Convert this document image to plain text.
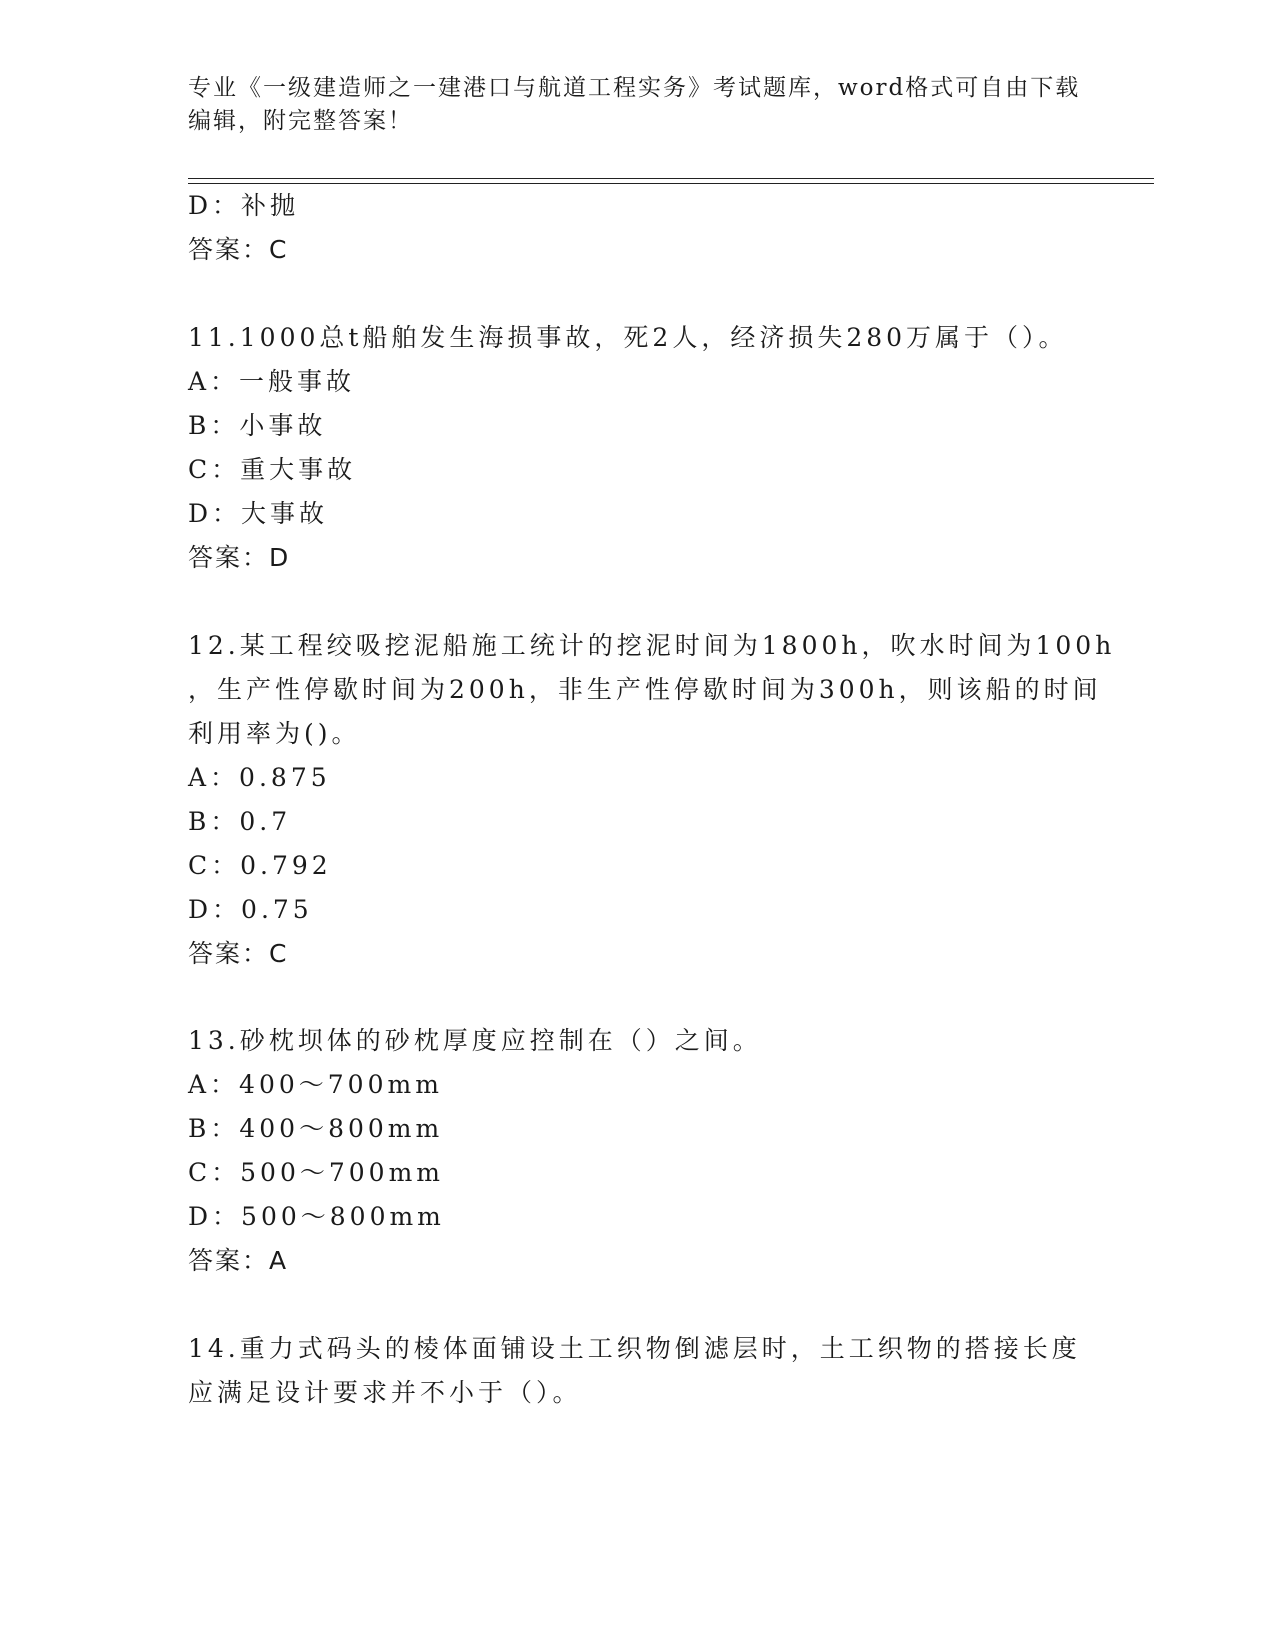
专业《一级建造师之一建港口与航道工程实务》考试题库，word格式可自由下载
编辑，附完整答案！
D：补抛
答案：C
11.1000总t船舶发生海损事故，死2人，经济损失280万属于（）。
A：一般事故
B：小事故
C：重大事故
D：大事故
答案：D
12.某工程绞吸挖泥船施工统计的挖泥时间为1800h，吹水时间为100h
，生产性停歇时间为200h，非生产性停歇时间为300h，则该船的时间
利用率为()。
A：0.875
B：0.7
C：0.792
D：0.75
答案：C
13.砂枕坝体的砂枕厚度应控制在（）之间。
A：400～700mm
B：400～800mm
C：500～700mm
D：500～800mm
答案：A
14.重力式码头的棱体面铺设土工织物倒滤层时，土工织物的搭接长度
应满足设计要求并不小于（）。
